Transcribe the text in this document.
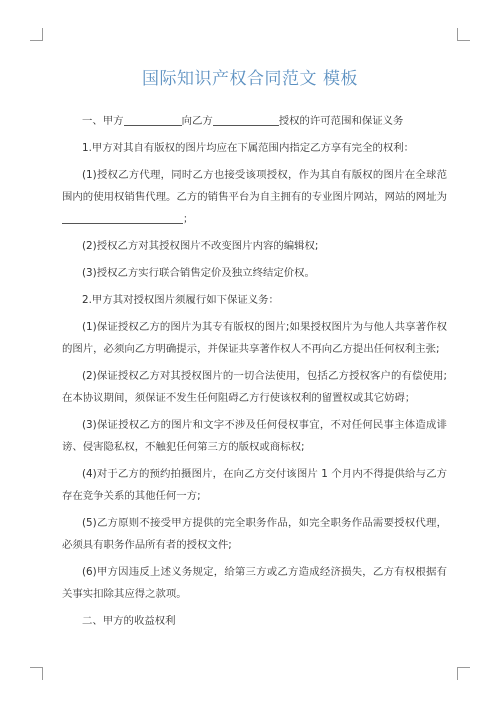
国际知识产权合同范文 模板

一、甲方	向乙方	授权的许可范围和保证义务

1.甲方对其自有版权的图片均应在下属范围内指定乙方享有完全的权利：

(1)授权乙方代理，同时乙方也接受该项授权，作为其自有版权的图片在全球范围内的使用权销售代理。乙方的销售平台为自主拥有的专业图片网站，网站的网址为；

(2)授权乙方对其授权图片不改变图片内容的编辑权;

(3)授权乙方实行联合销售定价及独立终结定价权。

2.甲方其对授权图片须履行如下保证义务：

(1)保证授权乙方的图片为其专有版权的图片;如果授权图片为与他人共享著作权的图片，必须向乙方明确提示，并保证共享著作权人不再向乙方提出任何权利主张;

(2)保证授权乙方对其授权图片的一切合法使用，包括乙方授权客户的有偿使用;在本协议期间，须保证不发生任何阻碍乙方行使该权利的留置权或其它妨碍；

(3)保证授权乙方的图片和文字不涉及任何侵权事宜，不对任何民事主体造成诽谤、侵害隐私权，不触犯任何第三方的版权或商标权;

(4)对于乙方的预约拍摄图片，在向乙方交付该图片 1 个月内不得提供给与乙方存在竞争关系的其他任何一方;

(5)乙方原则不接受甲方提供的完全职务作品，如完全职务作品需要授权代理，必须具有职务作品所有者的授权文件;

(6)甲方因违反上述义务规定，给第三方或乙方造成经济损失，乙方有权根据有关事实扣除其应得之款项。

二、甲方的收益权利
